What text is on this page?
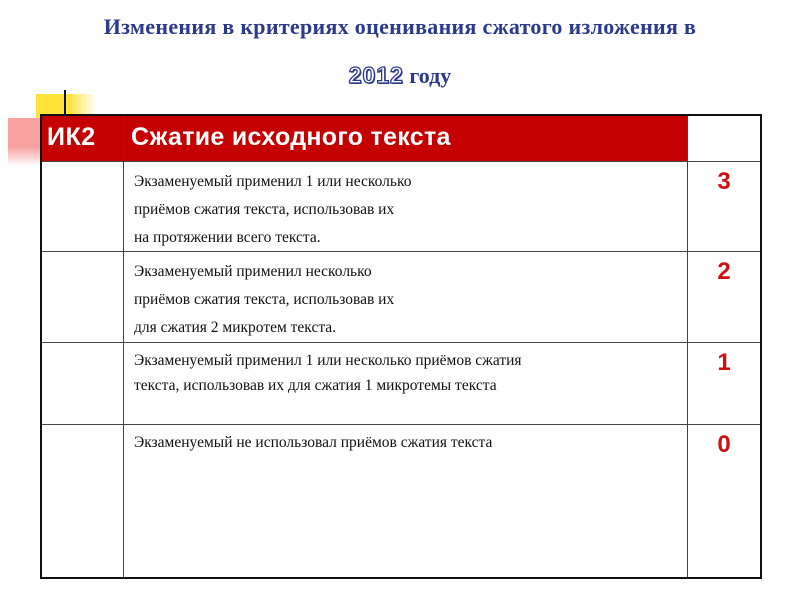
Изменения в критериях оценивания сжатого изложения в
2012 году
ИК2	Сжатие исходного текста
Экзаменуемый применил 1 или несколько
приёмов сжатия текста, использовав их
на протяжении всего текста.
3
Экзаменуемый применил несколько
приёмов сжатия текста, использовав их
для сжатия 2 микротем текста.
2
Экзаменуемый применил 1 или несколько приёмов сжатия
текста, использовав их для сжатия 1 микротемы текста
1
Экзаменуемый не использовал приёмов сжатия текста	0
